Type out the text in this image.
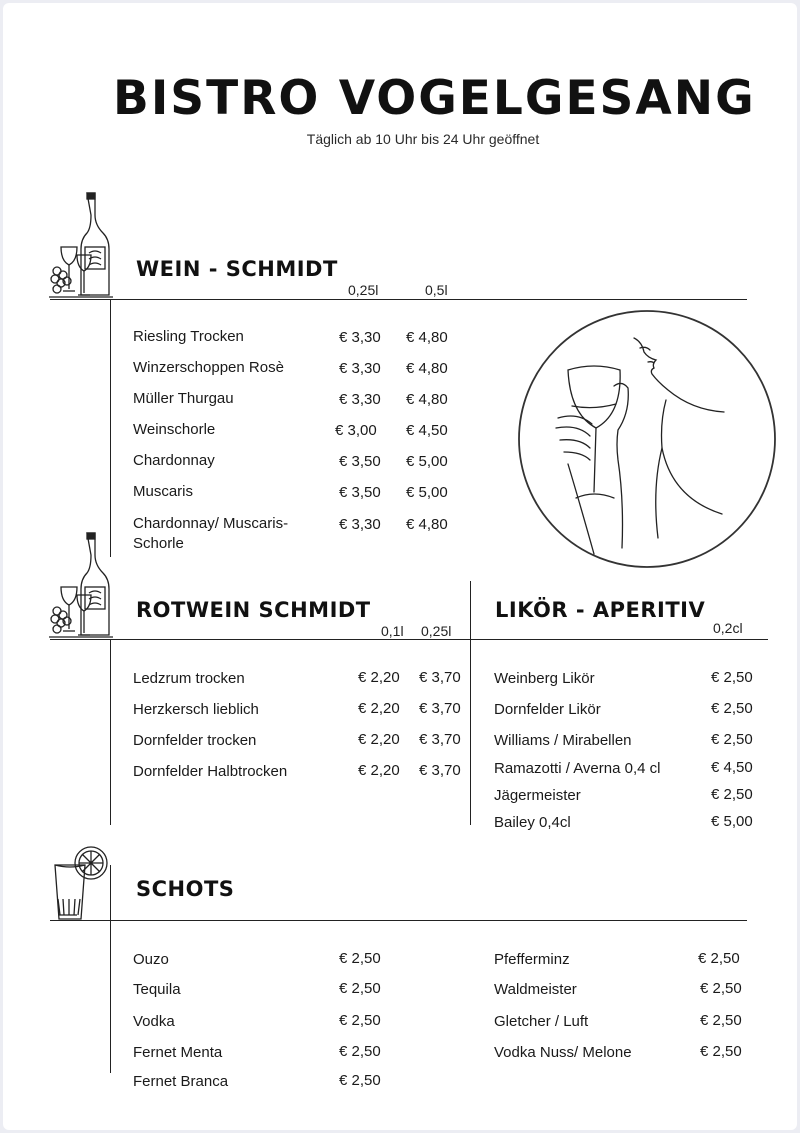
BISTRO VOGELGESANG
Täglich ab 10 Uhr bis 24 Uhr geöffnet
WEIN - SCHMIDT
0,25l	0,5l
ROTWEIN SCHMIDT
0,1l 0,25l
LIKÖR - APERITIV
0,2cl
SCHOTS
Riesling Trocken	€ 3,30 € 4,80
Winzerschoppen Rosè	€ 3,30 € 4,80
Müller Thurgau	€ 3,30 € 4,80
Weinschorle	€ 3,00 € 4,50
Chardonnay	€ 3,50 € 5,00
Muscaris	€ 3,50 € 5,00
Chardonnay/ Muscaris-Schorle
€ 3,30 € 4,80
Ledzrum trocken	€ 2,20 € 3,70
Herzkersch lieblich	€ 2,20 € 3,70
Dornfelder trocken	€ 2,20 € 3,70
Dornfelder Halbtrocken	€ 2,20 € 3,70
Weinberg Likör	€ 2,50
Dornfelder Likör	€ 2,50
Williams / Mirabellen	€ 2,50
Ramazotti / Averna 0,4 cl	€ 4,50
Jägermeister	€ 2,50
Bailey 0,4cl	€ 5,00
Ouzo	€ 2,50
Tequila	€ 2,50
Vodka	€ 2,50
Fernet Menta	€ 2,50
Fernet Branca	€ 2,50
Pfefferminz	€ 2,50
Waldmeister	€ 2,50
Gletcher / Luft	€ 2,50
Vodka Nuss/ Melone	€ 2,50
